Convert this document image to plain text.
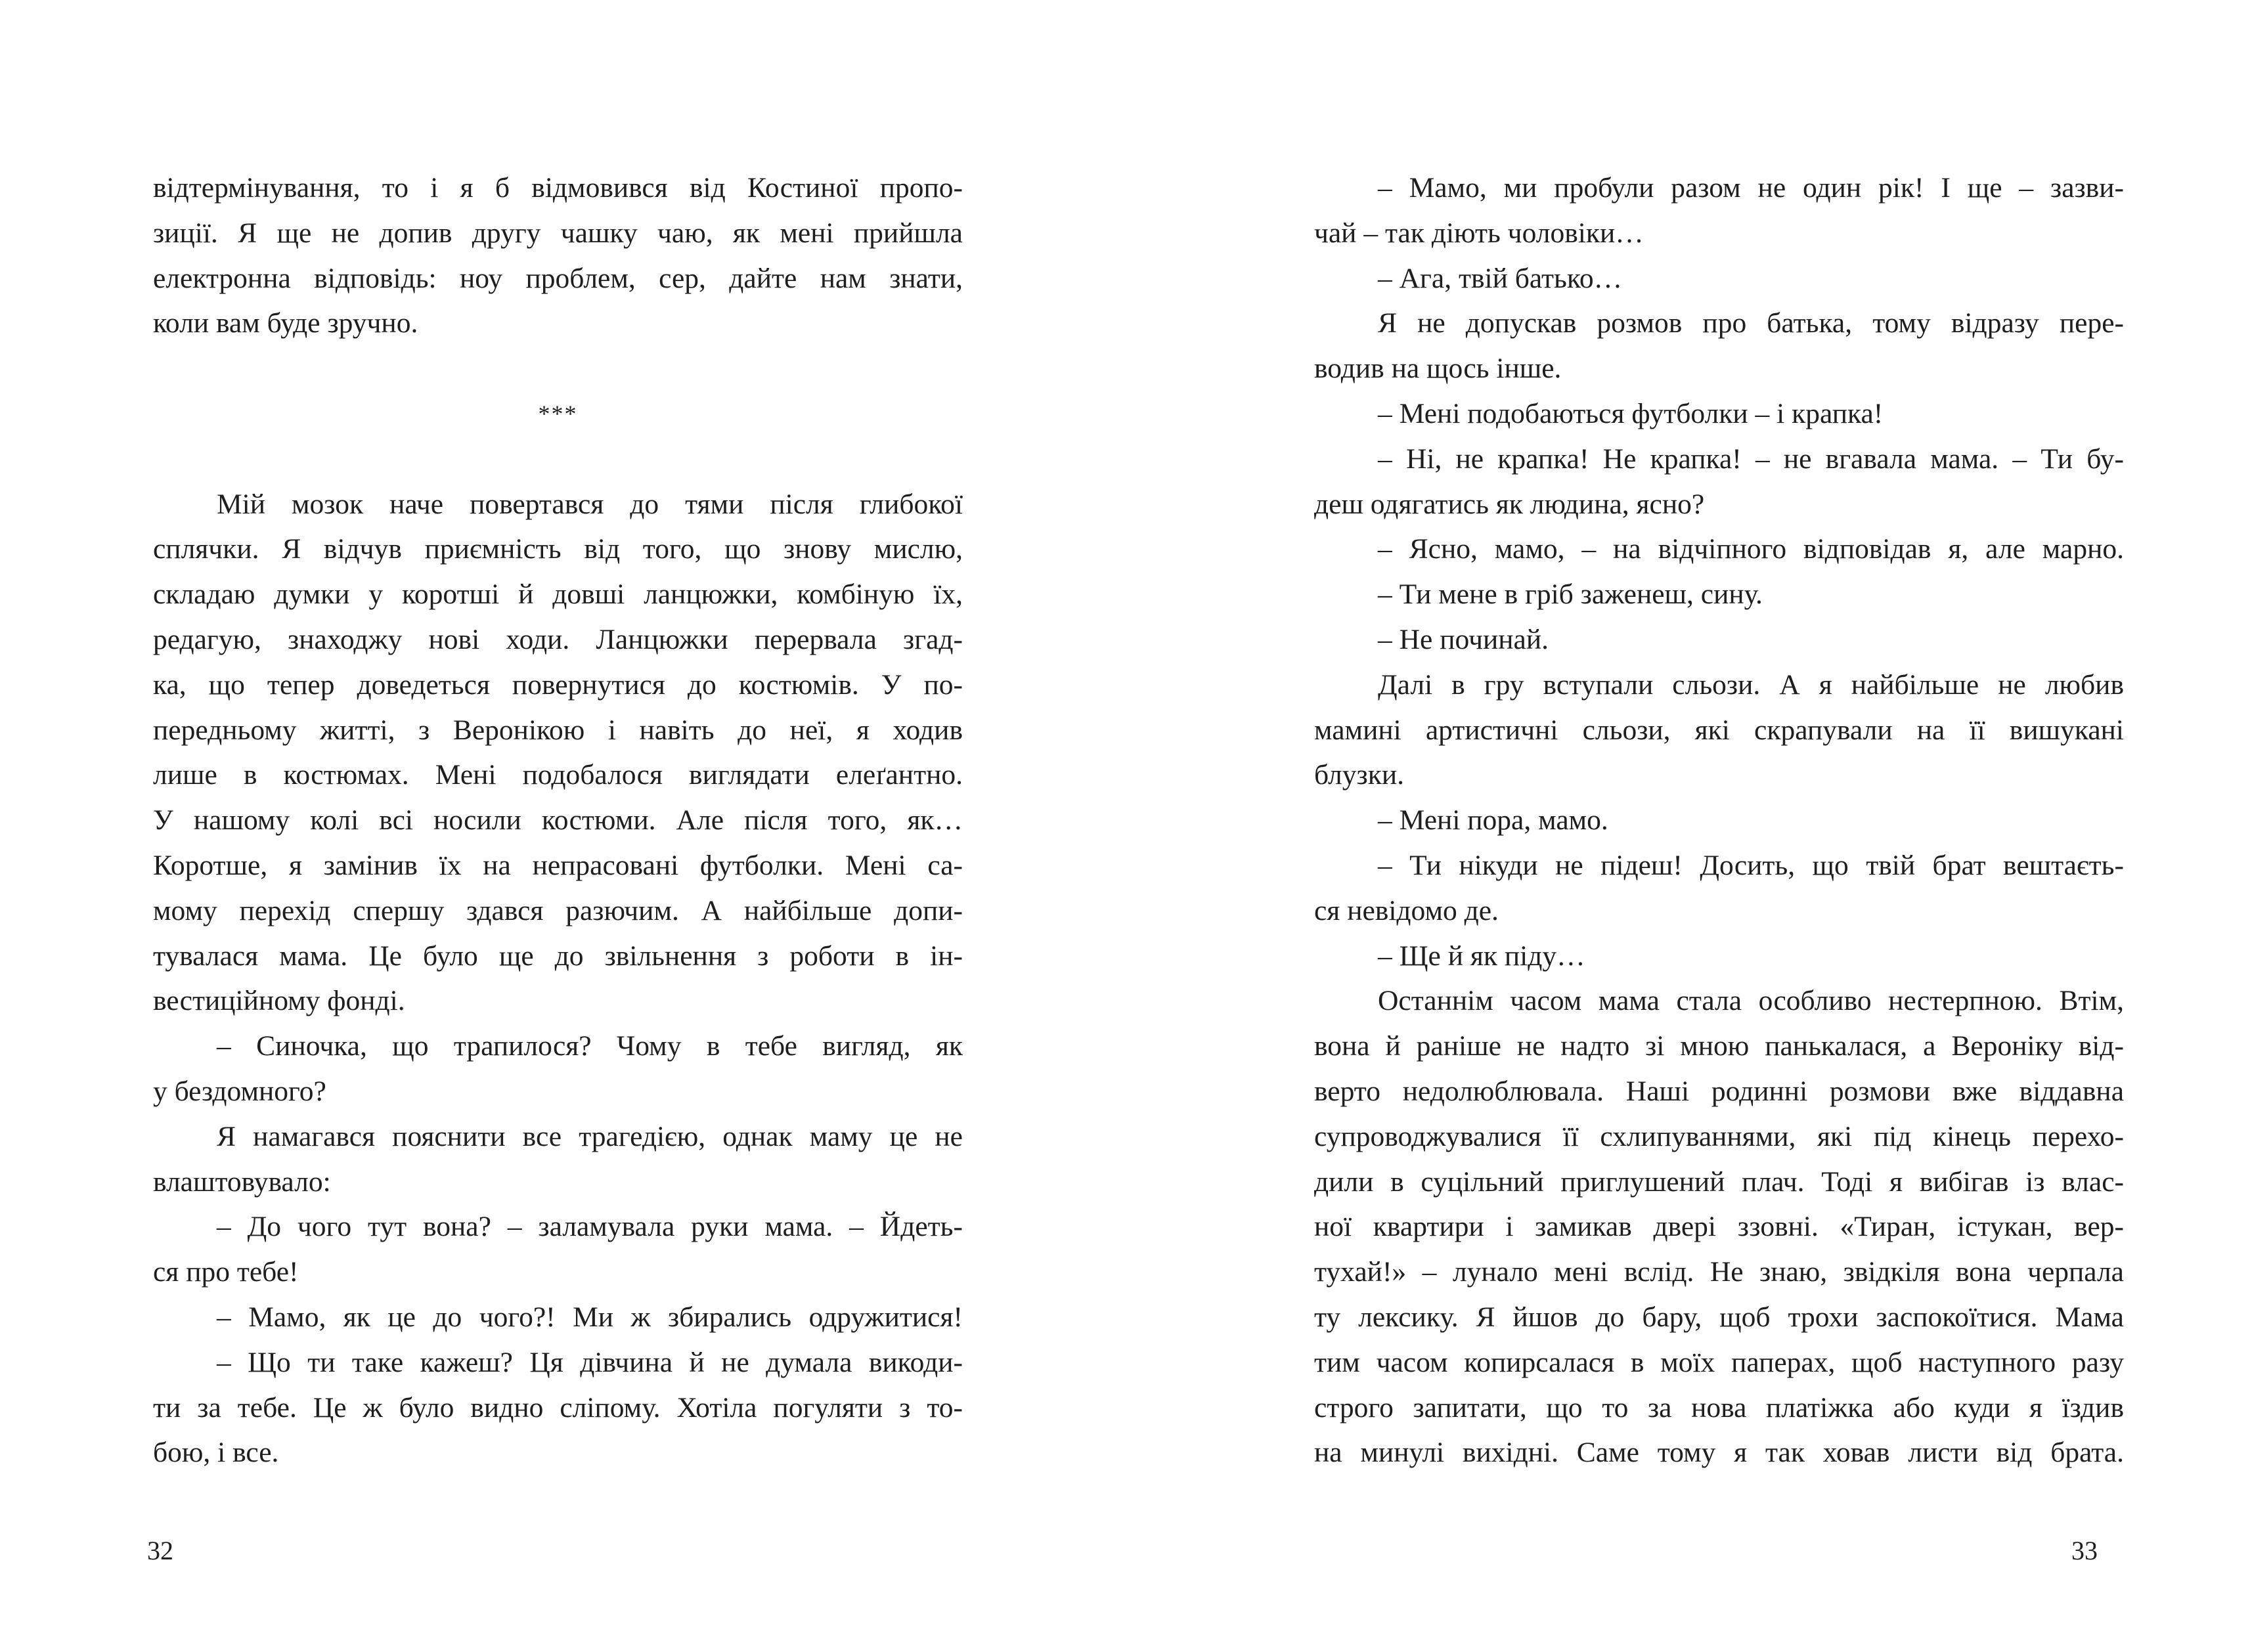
відтермінування, то і я б відмовився від Костиної пропо-
зиції. Я ще не допив другу чашку чаю, як мені прийшла
електронна відповідь: ноу проблем, сер, дайте нам знати,
коли вам буде зручно.
***
Мій мозок наче повертався до тями після глибокої
сплячки. Я відчув приємність від того, що знову мислю,
складаю думки у коротші й довші ланцюжки, комбіную їх,
редагую, знаходжу нові ходи. Ланцюжки перервала згад-
ка, що тепер доведеться повернутися до костюмів. У по-
передньому житті, з Веронікою і навіть до неї, я ходив
лише в костюмах. Мені подобалося виглядати елеґантно.
У нашому колі всі носили костюми. Але після того, як…
Коротше, я замінив їх на непрасовані футболки. Мені са-
мому перехід спершу здався разючим. А найбільше допи-
тувалася мама. Це було ще до звільнення з роботи в ін-
вестиційному фонді.
– Синочка, що трапилося? Чому в тебе вигляд, як
у бездомного?
Я намагався пояснити все трагедією, однак маму це не
влаштовувало:
– До чого тут вона? – заламувала руки мама. – Йдеть-
ся про тебе!
– Мамо, як це до чого?! Ми ж збирались одружитися!
– Що ти таке кажеш? Ця дівчина й не думала викоди-
ти за тебе. Це ж було видно сліпому. Хотіла погуляти з то-
бою, і все.
32
– Мамо, ми пробули разом не один рік! І ще – зазви-
чай – так діють чоловіки…
– Ага, твій батько…
Я не допускав розмов про батька, тому відразу пере-
водив на щось інше.
– Мені подобаються футболки – і крапка!
– Ні, не крапка! Не крапка! – не вгавала мама. – Ти бу-
деш одягатись як людина, ясно?
– Ясно, мамо, – на відчіпного відповідав я, але марно.
– Ти мене в гріб заженеш, сину.
– Не починай.
Далі в гру вступали сльози. А я найбільше не любив
мамині артистичні сльози, які скрапували на її вишукані
блузки.
– Мені пора, мамо.
– Ти нікуди не підеш! Досить, що твій брат вештаєть-
ся невідомо де.
– Ще й як піду…
Останнім часом мама стала особливо нестерпною. Втім,
вона й раніше не надто зі мною панькалася, а Вероніку від-
верто недолюблювала. Наші родинні розмови вже віддавна
супроводжувалися її схлипуваннями, які під кінець перехо-
дили в суцільний приглушений плач. Тоді я вибігав із влас-
ної квартири і замикав двері ззовні. «Тиран, істукан, вер-
тухай!» – лунало мені вслід. Не знаю, звідкіля вона черпала
ту лексику. Я йшов до бару, щоб трохи заспокоїтися. Мама
тим часом копирсалася в моїх паперах, щоб наступного разу
строго запитати, що то за нова платіжка або куди я їздив
на минулі вихідні. Саме тому я так ховав листи від брата.
33
